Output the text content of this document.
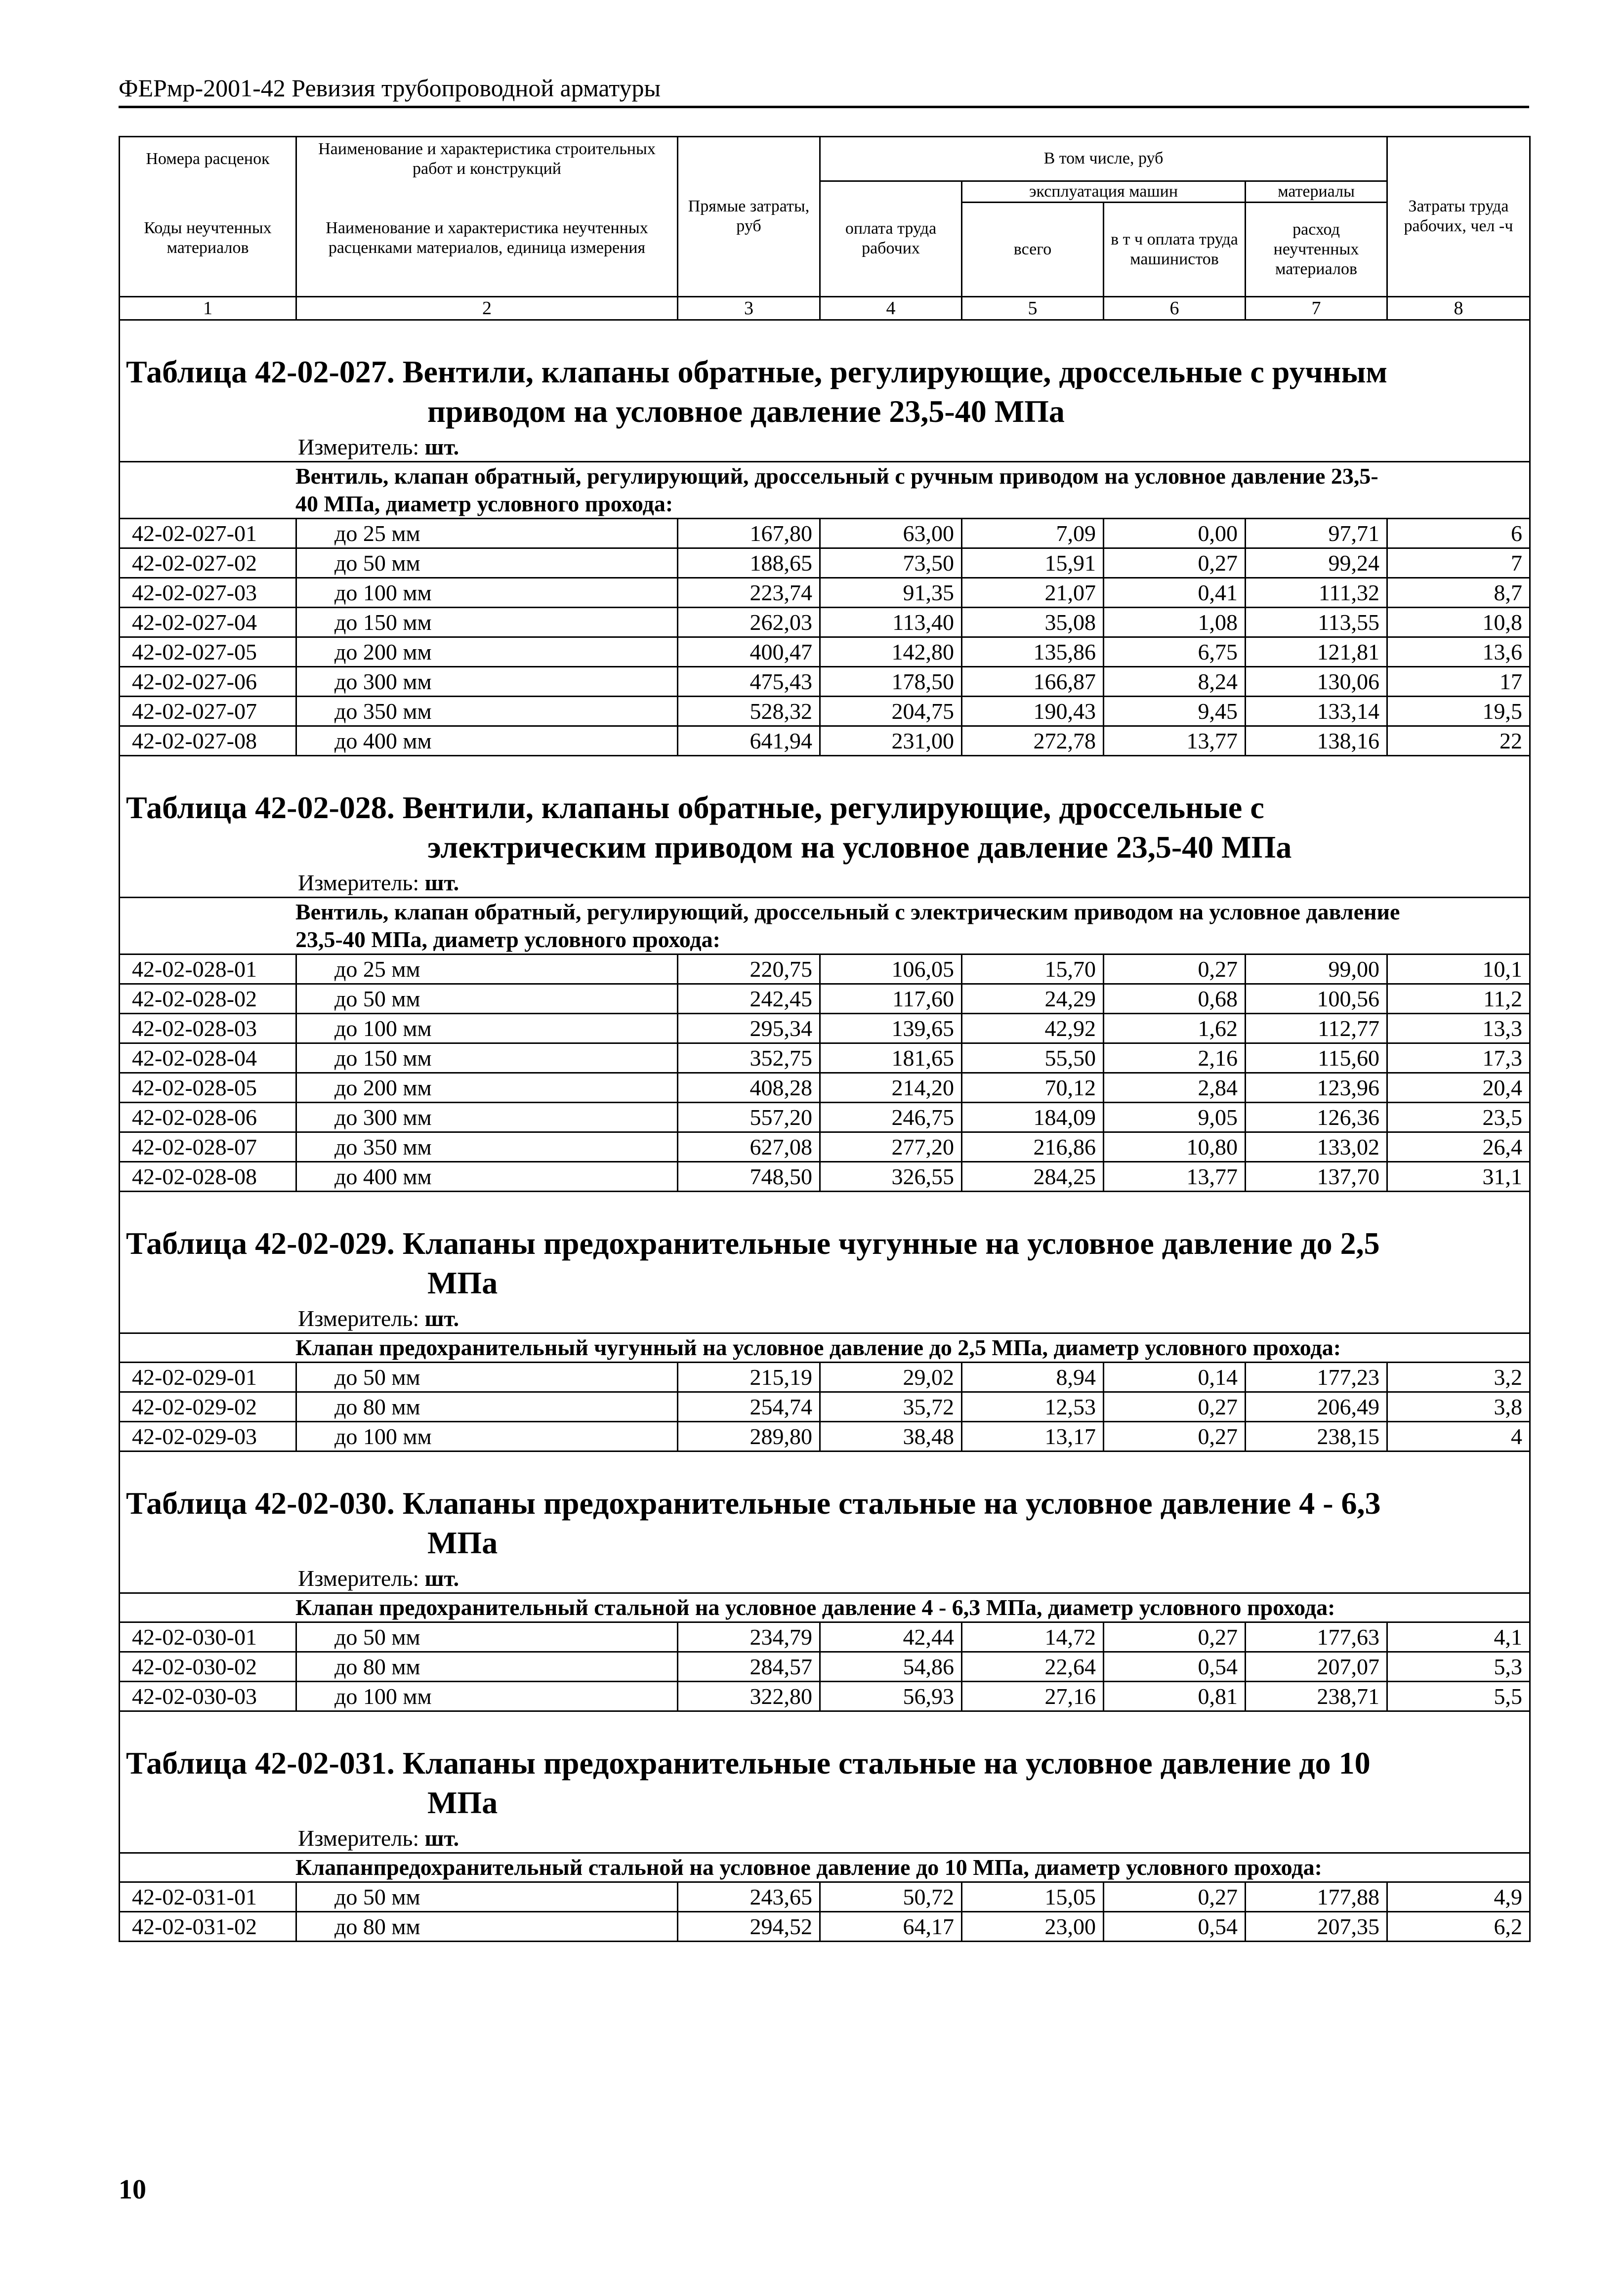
ФЕРмр-2001-42 Ревизия трубопроводной арматуры
Номера расценок	Наименование и характеристика строительных работ и конструкций	Прямые затраты, руб	В том числе, руб				Затраты труда рабочих, чел -ч
Коды неучтенных материалов	Наименование и характеристика неучтенных расценками материалов, единица измерения		оплата труда рабочих	эксплуатация машин		материалы	
				всего	в т ч оплата труда машинистов	расход неучтенных материалов	
1	2	3	4	5	6	7	8

Таблица 42-02-027. Вентили, клапаны обратные, регулирующие, дроссельные с ручным
приводом на условное давление 23,5-40 МПа							

Измеритель: шт.							

Вентиль, клапан обратный, регулирующий, дроссельный с ручным приводом на условное давление 23,5-
40 МПа, диаметр условного прохода:							

42-02-027-01	до 25 мм	167,80	63,00	7,09	0,00	97,71	6
42-02-027-02	до 50 мм	188,65	73,50	15,91	0,27	99,24	7
42-02-027-03	до 100 мм	223,74	91,35	21,07	0,41	111,32	8,7
42-02-027-04	до 150 мм	262,03	113,40	35,08	1,08	113,55	10,8
42-02-027-05	до 200 мм	400,47	142,80	135,86	6,75	121,81	13,6
42-02-027-06	до 300 мм	475,43	178,50	166,87	8,24	130,06	17
42-02-027-07	до 350 мм	528,32	204,75	190,43	9,45	133,14	19,5
42-02-027-08	до 400 мм	641,94	231,00	272,78	13,77	138,16	22

Таблица 42-02-028. Вентили, клапаны обратные, регулирующие, дроссельные с
электрическим приводом на условное давление 23,5-40 МПа							

Измеритель: шт.							

Вентиль, клапан обратный, регулирующий, дроссельный с электрическим приводом на условное давление
23,5-40 МПа, диаметр условного прохода:							

42-02-028-01	до 25 мм	220,75	106,05	15,70	0,27	99,00	10,1
42-02-028-02	до 50 мм	242,45	117,60	24,29	0,68	100,56	11,2
42-02-028-03	до 100 мм	295,34	139,65	42,92	1,62	112,77	13,3
42-02-028-04	до 150 мм	352,75	181,65	55,50	2,16	115,60	17,3
42-02-028-05	до 200 мм	408,28	214,20	70,12	2,84	123,96	20,4
42-02-028-06	до 300 мм	557,20	246,75	184,09	9,05	126,36	23,5
42-02-028-07	до 350 мм	627,08	277,20	216,86	10,80	133,02	26,4
42-02-028-08	до 400 мм	748,50	326,55	284,25	13,77	137,70	31,1

Таблица 42-02-029. Клапаны предохранительные чугунные на условное давление до 2,5
МПа							

Измеритель: шт.							

Клапан предохранительный чугунный на условное давление до 2,5 МПа, диаметр условного прохода:							

42-02-029-01	до 50 мм	215,19	29,02	8,94	0,14	177,23	3,2
42-02-029-02	до 80 мм	254,74	35,72	12,53	0,27	206,49	3,8
42-02-029-03	до 100 мм	289,80	38,48	13,17	0,27	238,15	4

Таблица 42-02-030. Клапаны предохранительные стальные на условное давление 4 - 6,3
МПа							

Измеритель: шт.							

Клапан предохранительный стальной на условное давление 4 - 6,3 МПа, диаметр условного прохода:							

42-02-030-01	до 50 мм	234,79	42,44	14,72	0,27	177,63	4,1
42-02-030-02	до 80 мм	284,57	54,86	22,64	0,54	207,07	5,3
42-02-030-03	до 100 мм	322,80	56,93	27,16	0,81	238,71	5,5

Таблица 42-02-031. Клапаны предохранительные стальные на условное давление до 10
МПа							

Измеритель: шт.							

Клапанпредохранительный стальной на условное давление до 10 МПа, диаметр условного прохода:							

42-02-031-01	до 50 мм	243,65	50,72	15,05	0,27	177,88	4,9
42-02-031-02	до 80 мм	294,52	64,17	23,00	0,54	207,35	6,2
10
